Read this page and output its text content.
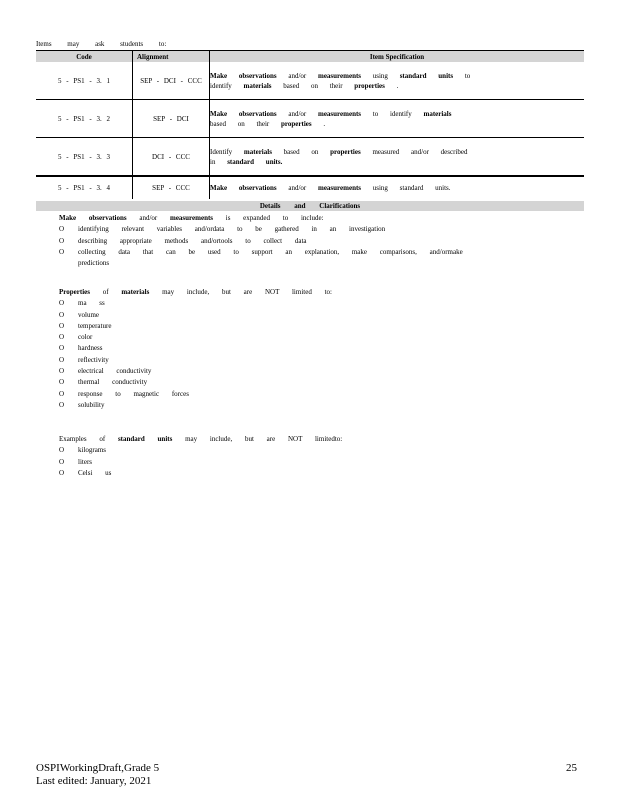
Items may ask students to:
Code	Alignment	Item Specification
5 - PS1 - 3. 1	SEP - DCI - CCC	Make observations and/or measurements using standard units to
identify materials based on their properties .

5 - PS1 - 3. 2	SEP - DCI	Make observations and/or measurements to identify materials
based on their properties .

5 - PS1 - 3. 3	DCI - CCC	Identify materials based on properties measured and/or described
in standard units.

5 - PS1 - 3. 4	SEP - CCC	Make observations and/or measurements using standard units.
Details and Clarifications
Make observations and/or measurements is expanded to include:
O identifying relevant variables and/ordata to be gathered in an investigation
O describing appropriate methods and/ortools to collect data
O collecting data that can be used to support an explanation, make comparisons, and/ormake
predictions
Properties of materials may include, but are NOT limited to:
O ma ss
O volume
O temperature
O color
O hardness
O reflectivity
O electrical conductivity
O thermal conductivity
O response to magnetic forces
O solubility
Examples of standard units may include, but are NOT limitedto:
O kilograms
O liters
O Celsi us
OSPIWorkingDraft,Grade 5
Last edited: January, 2021
25
